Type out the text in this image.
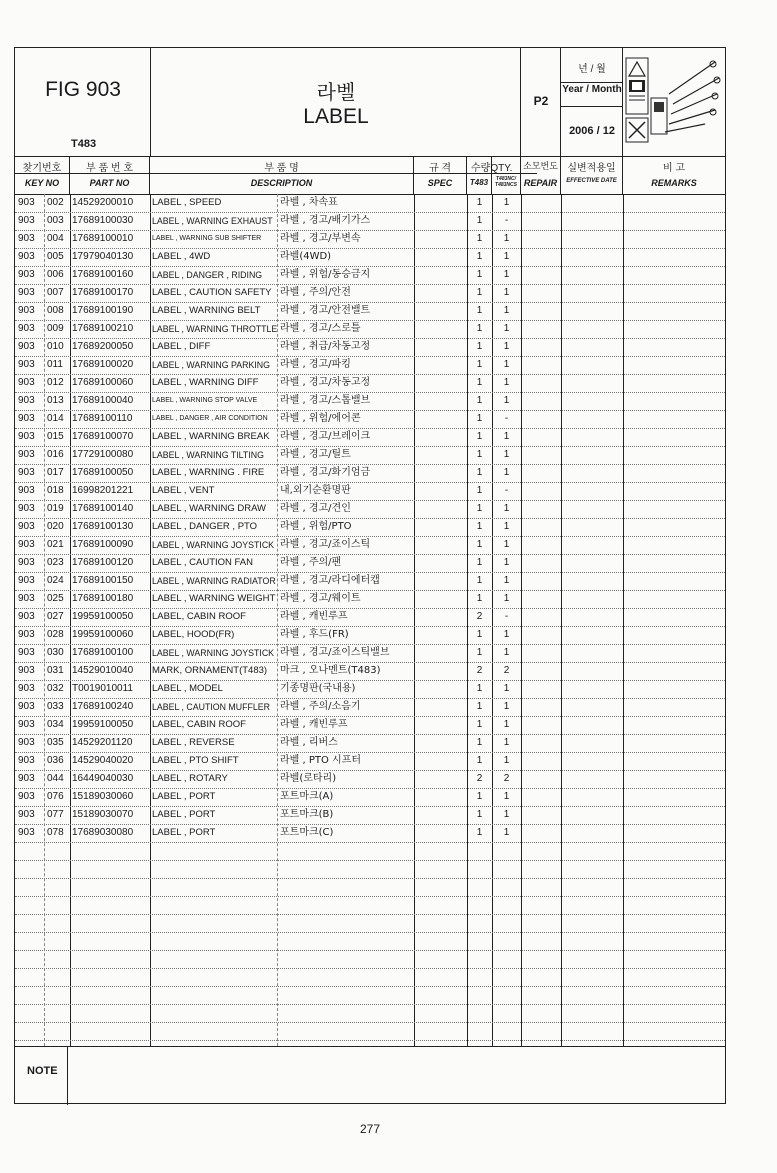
FIG 903
T483
라벨
LABEL
P2
년 / 월
Year / Month
2006 / 12
찾기번호
KEY NO
부 품 번 호
PART NO
부 품 명
DESCRIPTION
규 격
SPEC
수량QTY.
T483	T483NC/ T483NCS
소모번도
REPAIR
실변적용일
EFFECTIVE DATE
비 고
REMARKS
903	002 14529200010	LABEL , SPEED	라벨 , 차속표	1	1
903	003 17689100030	LABEL , WARNING EXHAUST 라벨 , 경고/배기가스	1	-
903	004 17689100010	LABEL , WARNING SUB SHIFTER	라벨 , 경고/부변속	1	1
903	005 17979040130	LABEL , 4WD	라벨(4WD)	1	1
903	006 17689100160	LABEL , DANGER , RIDING	라벨 , 위험/동승금지	1	1
903	007 17689100170	LABEL , CAUTION SAFETY 라벨 , 주의/안전	1	1
903	008 17689100190	LABEL , WARNING BELT	라벨 , 경고/안전밸트	1	1
903	009 17689100210	LABEL , WARNING THROTTLE 라벨 , 경고/스로틀	1	1
903	010 17689200050	LABEL , DIFF	라벨 , 취급/차동고정	1	1
903	011 17689100020	LABEL , WARNING PARKING	라벨 , 경고/파킹	1	1
903	012 17689100060	LABEL , WARNING DIFF	라벨 , 경고/차동고정	1	1
903	013 17689100040	LABEL , WARNING STOP VALVE	라벨 , 경고/스톱밸브	1	1
903	014 17689100110	LABEL , DANGER , AIR CONDITION	라벨 , 위험/에어콘	1	-
903	015 17689100070	LABEL , WARNING BREAK	라벨 , 경고/브레이크	1	1
903	016 17729100080	LABEL , WARNING TILTING	라벨 , 경고/틸트	1	1
903	017 17689100050	LABEL , WARNING . FIRE	라벨 , 경고/화기엄금	1	1
903	018 16998201221	LABEL , VENT	내,외기순환명판	1	-
903	019 17689100140	LABEL , WARNING DRAW	라벨 , 경고/견인	1	1
903	020 17689100130	LABEL , DANGER , PTO	라벨 , 위험/PTO	1	1
903	021 17689100090	LABEL , WARNING JOYSTICK 라벨 , 경고/죠이스틱	1	1
903	023 17689100120	LABEL , CAUTION FAN	라벨 , 주의/팬	1	1
903	024 17689100150	LABEL , WARNING RADIATOR 라벨 , 경고/라디에터캡	1	1
903	025 17689100180	LABEL , WARNING WEIGHT 라벨 , 경고/웨이트	1	1
903	027 19959100050	LABEL, CABIN ROOF	라벨 , 캐빈루프	2	-
903	028 19959100060	LABEL, HOOD(FR)	라벨 , 후드(FR)	1	1
903	030 17689100100	LABEL , WARNING JOYSTICK 라벨 , 경고/죠이스틱밸브	1	1
903	031 14529010040	MARK, ORNAMENT(T483)	마크 , 오나멘트(T483)	2	2
903	032 T0019010011	LABEL , MODEL	기종명판(국내용)	1	1
903	033 17689100240	LABEL , CAUTION MUFFLER	라벨 , 주의/소음기	1	1
903	034 19959100050	LABEL, CABIN ROOF	라벨 , 캐빈루프	1	1
903	035 14529201120	LABEL , REVERSE	라벨 , 리버스	1	1
903	036 14529040020	LABEL , PTO SHIFT	라벨 , PTO 시프터	1	1
903	044 16449040030	LABEL , ROTARY	라벨(로타리)	2	2
903	076 15189030060	LABEL , PORT	포트마크(A)	1	1
903	077 15189030070	LABEL , PORT	포트마크(B)	1	1
903	078 17689030080	LABEL , PORT	포트마크(C)	1	1
NOTE
277
